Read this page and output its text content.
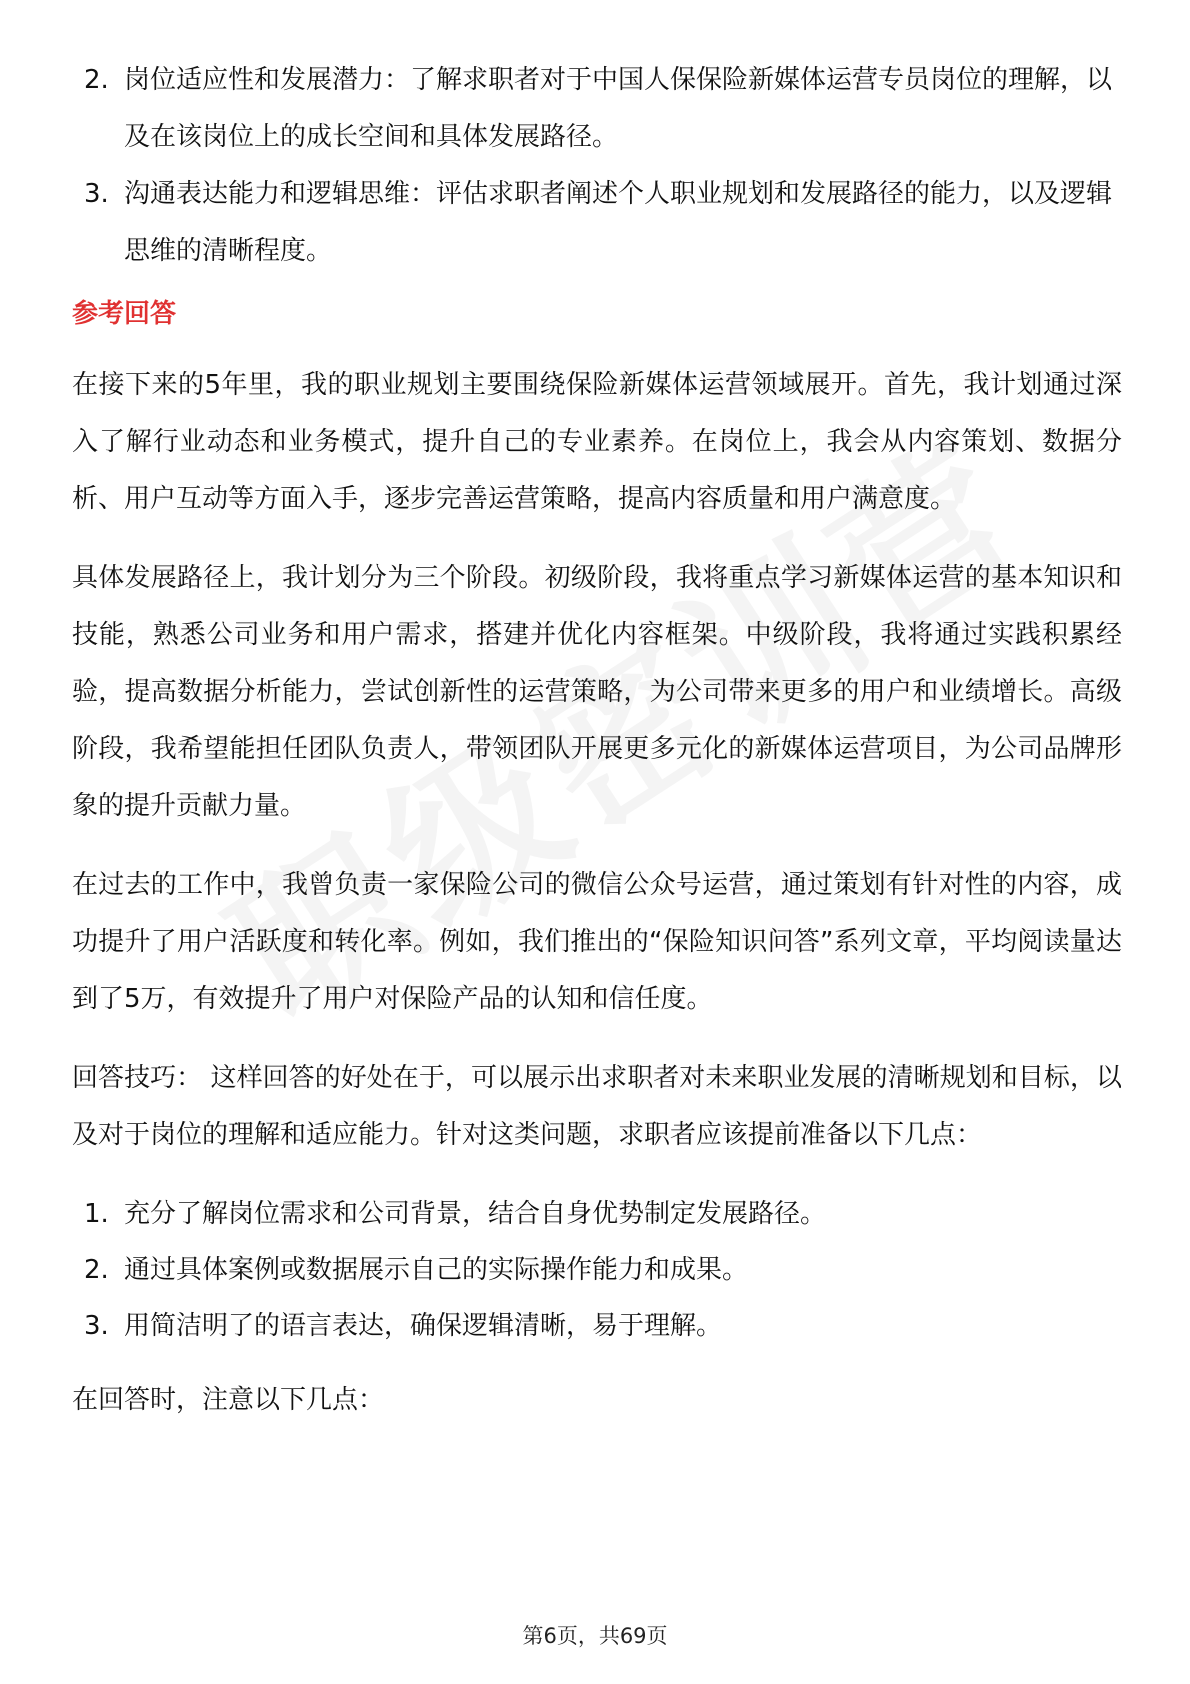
2. 岗位适应性和发展潜力：了解求职者对于中国人保保险新媒体运营专员岗位的理解，以及在该岗位上的成长空间和具体发展路径。
3. 沟通表达能力和逻辑思维：评估求职者阐述个人职业规划和发展路径的能力，以及逻辑思维的清晰程度。
参考回答

在接下来的5年里，我的职业规划主要围绕保险新媒体运营领域展开。首先，我计划通过深入了解行业动态和业务模式，提升自己的专业素养。在岗位上，我会从内容策划、数据分析、用户互动等方面入手，逐步完善运营策略，提高内容质量和用户满意度。

具体发展路径上，我计划分为三个阶段。初级阶段，我将重点学习新媒体运营的基本知识和技能，熟悉公司业务和用户需求，搭建并优化内容框架。中级阶段，我将通过实践积累经验，提高数据分析能力，尝试创新性的运营策略，为公司带来更多的用户和业绩增长。高级阶段，我希望能担任团队负责人，带领团队开展更多元化的新媒体运营项目，为公司品牌形象的提升贡献力量。

在过去的工作中，我曾负责一家保险公司的微信公众号运营，通过策划有针对性的内容，成功提升了用户活跃度和转化率。例如，我们推出的“保险知识问答”系列文章，平均阅读量达到了5万，有效提升了用户对保险产品的认知和信任度。

回答技巧： 这样回答的好处在于，可以展示出求职者对未来职业发展的清晰规划和目标，以及对于岗位的理解和适应能力。针对这类问题，求职者应该提前准备以下几点：

1. 充分了解岗位需求和公司背景，结合自身优势制定发展路径。
2. 通过具体案例或数据展示自己的实际操作能力和成果。
3. 用简洁明了的语言表达，确保逻辑清晰，易于理解。

在回答时，注意以下几点：

第6页，共69页
